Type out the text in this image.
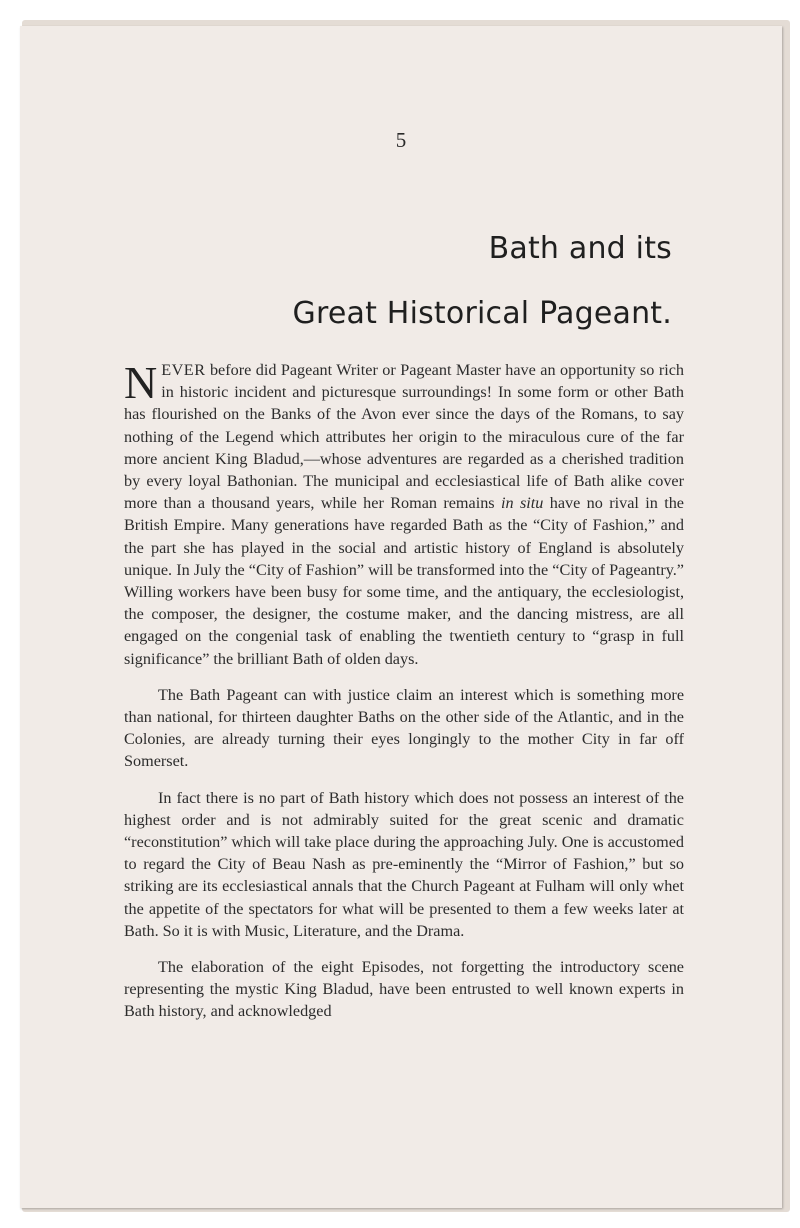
5
Bath and its
Great Historical Pageant.

NEVER before did Pageant Writer or Pageant Master have an opportunity so rich in historic incident and picturesque surroundings! In some form or other Bath has flourished on the Banks of the Avon ever since the days of the Romans, to say nothing of the Legend which attributes her origin to the miraculous cure of the far more ancient King Bladud,—whose adventures are regarded as a cherished tradition by every loyal Bathonian. The municipal and ecclesiastical life of Bath alike cover more than a thousand years, while her Roman remains in situ have no rival in the British Empire. Many generations have regarded Bath as the “City of Fashion,” and the part she has played in the social and artistic history of England is absolutely unique. In July the “City of Fashion” will be transformed into the “City of Pageantry.” Willing workers have been busy for some time, and the antiquary, the ecclesiologist, the composer, the designer, the costume maker, and the dancing mistress, are all engaged on the congenial task of enabling the twentieth century to “grasp in full significance” the brilliant Bath of olden days.

The Bath Pageant can with justice claim an interest which is something more than national, for thirteen daughter Baths on the other side of the Atlantic, and in the Colonies, are already turning their eyes longingly to the mother City in far off Somerset.

In fact there is no part of Bath history which does not possess an interest of the highest order and is not admirably suited for the great scenic and dramatic “reconstitution” which will take place during the approaching July. One is accustomed to regard the City of Beau Nash as pre-eminently the “Mirror of Fashion,” but so striking are its ecclesiastical annals that the Church Pageant at Fulham will only whet the appetite of the spectators for what will be presented to them a few weeks later at Bath. So it is with Music, Literature, and the Drama.

The elaboration of the eight Episodes, not forgetting the introductory scene representing the mystic King Bladud, have been entrusted to well known experts in Bath history, and acknowledged
